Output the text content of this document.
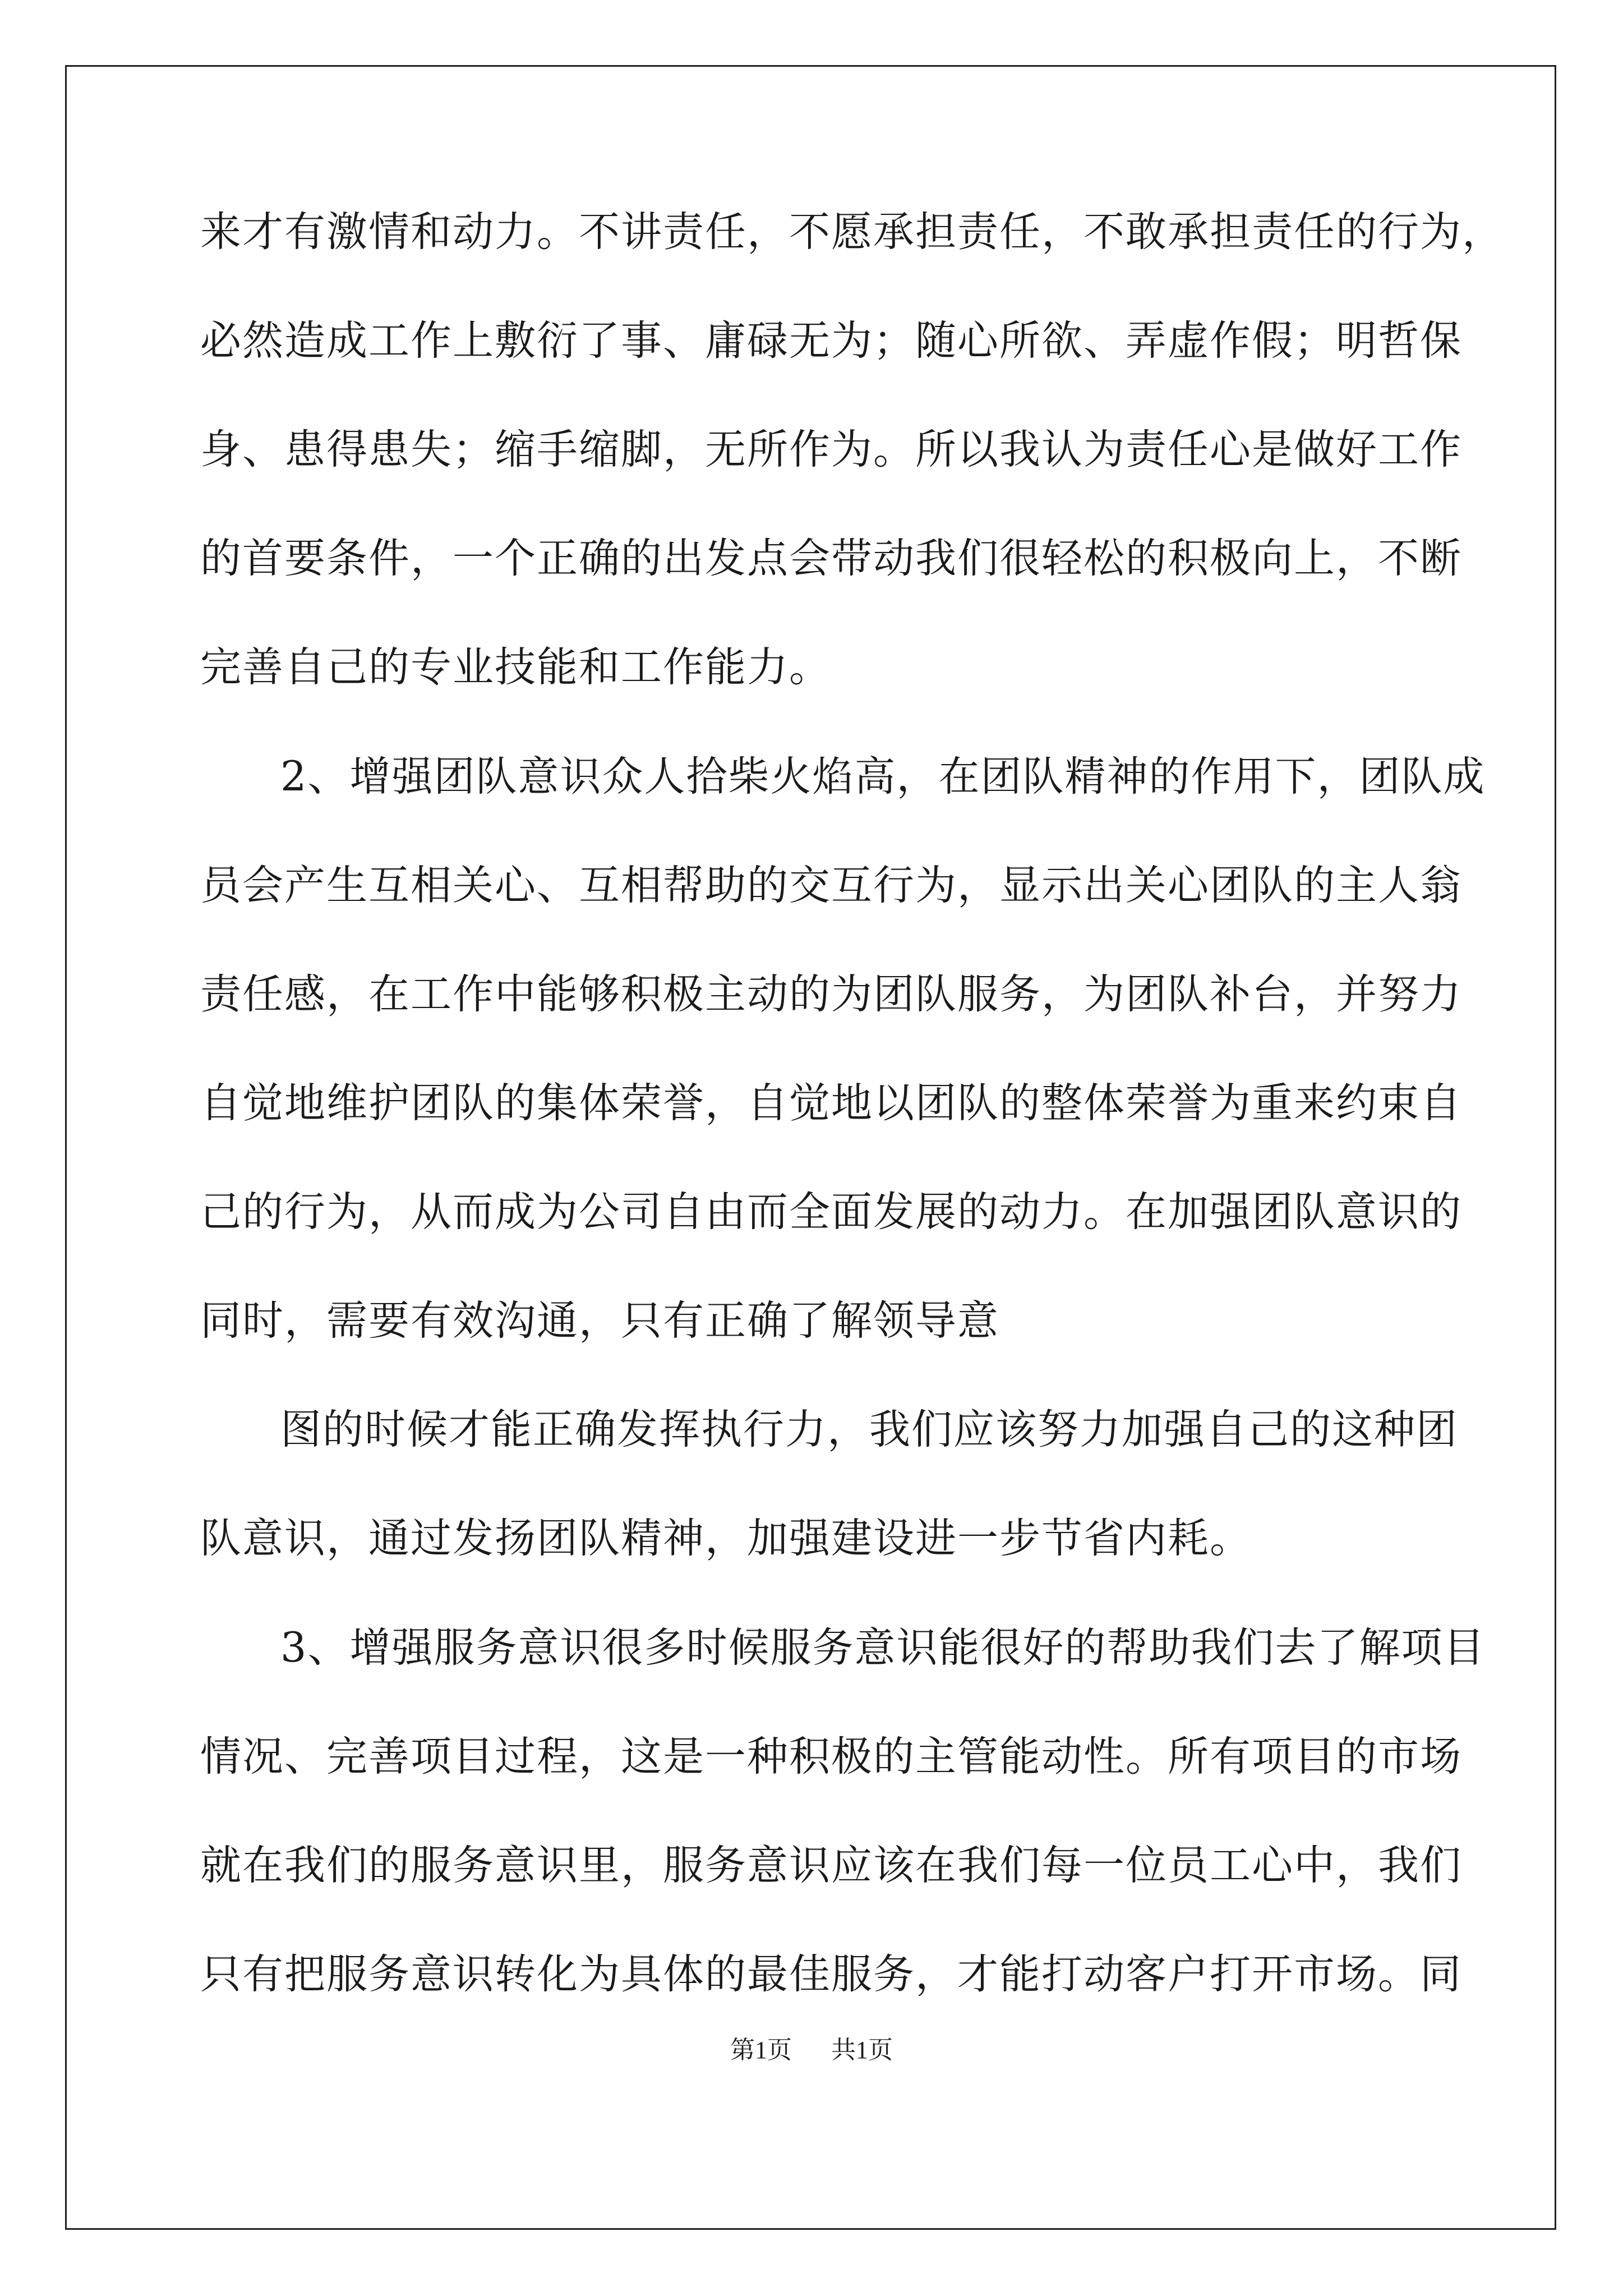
来才有激情和动力。不讲责任，不愿承担责任，不敢承担责任的行为，
必然造成工作上敷衍了事、庸碌无为；随心所欲、弄虚作假；明哲保
身、患得患失；缩手缩脚，无所作为。所以我认为责任心是做好工作
的首要条件，一个正确的出发点会带动我们很轻松的积极向上，不断
完善自己的专业技能和工作能力。
2、增强团队意识众人拾柴火焰高，在团队精神的作用下，团队成
员会产生互相关心、互相帮助的交互行为，显示出关心团队的主人翁
责任感，在工作中能够积极主动的为团队服务，为团队补台，并努力
自觉地维护团队的集体荣誉，自觉地以团队的整体荣誉为重来约束自
己的行为，从而成为公司自由而全面发展的动力。在加强团队意识的
同时，需要有效沟通，只有正确了解领导意
图的时候才能正确发挥执行力，我们应该努力加强自己的这种团
队意识，通过发扬团队精神，加强建设进一步节省内耗。
3、增强服务意识很多时候服务意识能很好的帮助我们去了解项目
情况、完善项目过程，这是一种积极的主管能动性。所有项目的市场
就在我们的服务意识里，服务意识应该在我们每一位员工心中，我们
只有把服务意识转化为具体的最佳服务，才能打动客户打开市场。同
第1页 共1页
